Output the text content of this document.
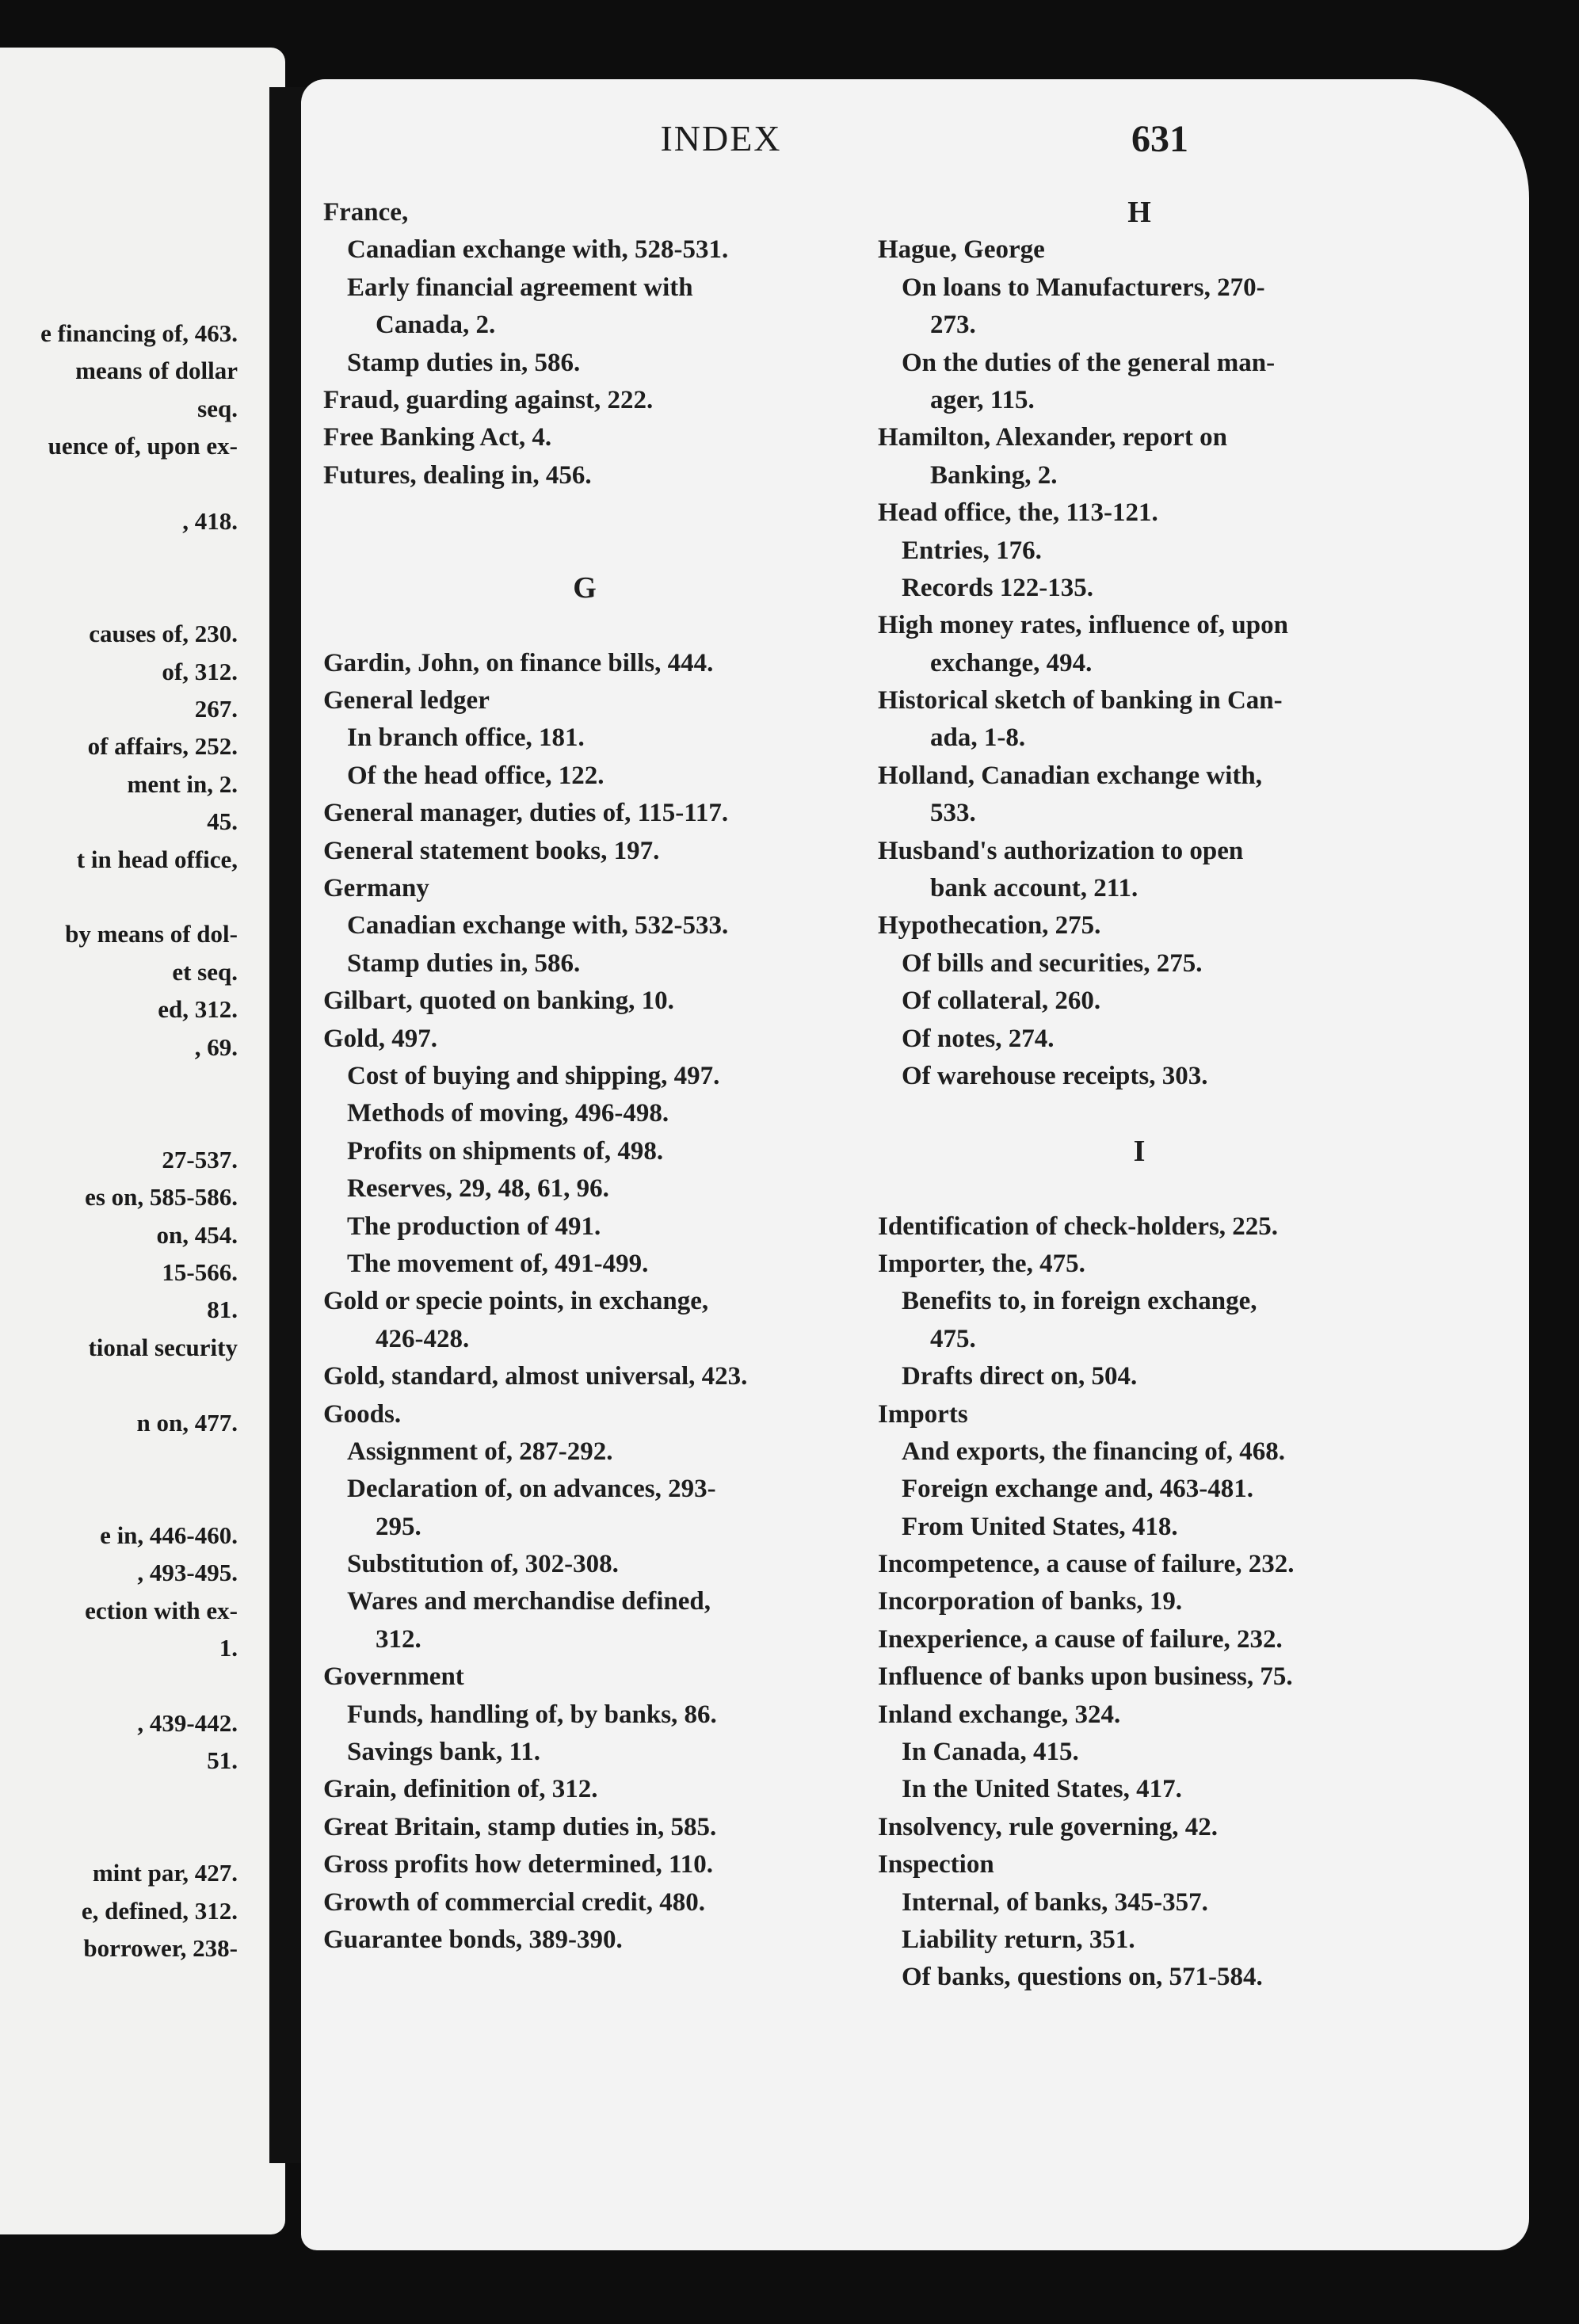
e financing of, 463.
means of dollar
seq.
uence of, upon ex-
, 418.
causes of, 230.
of, 312.
267.
of affairs, 252.
ment in, 2.
45.
t in head office,
by means of dol-
et seq.
ed, 312.
, 69.
27-537.
es on, 585-586.
on, 454.
15-566.
81.
tional security
n on, 477.
e in, 446-460.
, 493-495.
ection with ex-
1.
, 439-442.
51.
mint par, 427.
e, defined, 312.
borrower, 238-
INDEX	631
France,
Canadian exchange with, 528-531.
Early financial agreement with
Canada, 2.
Stamp duties in, 586.
Fraud, guarding against, 222.
Free Banking Act, 4.
Futures, dealing in, 456.
G
Gardin, John, on finance bills, 444.
General ledger
In branch office, 181.
Of the head office, 122.
General manager, duties of, 115-117.
General statement books, 197.
Germany
Canadian exchange with, 532-533.
Stamp duties in, 586.
Gilbart, quoted on banking, 10.
Gold, 497.
Cost of buying and shipping, 497.
Methods of moving, 496-498.
Profits on shipments of, 498.
Reserves, 29, 48, 61, 96.
The production of 491.
The movement of, 491-499.
Gold or specie points, in exchange,
426-428.
Gold, standard, almost universal, 423.
Goods.
Assignment of, 287-292.
Declaration of, on advances, 293-
295.
Substitution of, 302-308.
Wares and merchandise defined,
312.
Government
Funds, handling of, by banks, 86.
Savings bank, 11.
Grain, definition of, 312.
Great Britain, stamp duties in, 585.
Gross profits how determined, 110.
Growth of commercial credit, 480.
Guarantee bonds, 389-390.
H
Hague, George
On loans to Manufacturers, 270-
273.
On the duties of the general man-
ager, 115.
Hamilton, Alexander, report on
Banking, 2.
Head office, the, 113-121.
Entries, 176.
Records 122-135.
High money rates, influence of, upon
exchange, 494.
Historical sketch of banking in Can-
ada, 1-8.
Holland, Canadian exchange with,
533.
Husband's authorization to open
bank account, 211.
Hypothecation, 275.
Of bills and securities, 275.
Of collateral, 260.
Of notes, 274.
Of warehouse receipts, 303.
I
Identification of check-holders, 225.
Importer, the, 475.
Benefits to, in foreign exchange,
475.
Drafts direct on, 504.
Imports
And exports, the financing of, 468.
Foreign exchange and, 463-481.
From United States, 418.
Incompetence, a cause of failure, 232.
Incorporation of banks, 19.
Inexperience, a cause of failure, 232.
Influence of banks upon business, 75.
Inland exchange, 324.
In Canada, 415.
In the United States, 417.
Insolvency, rule governing, 42.
Inspection
Internal, of banks, 345-357.
Liability return, 351.
Of banks, questions on, 571-584.
